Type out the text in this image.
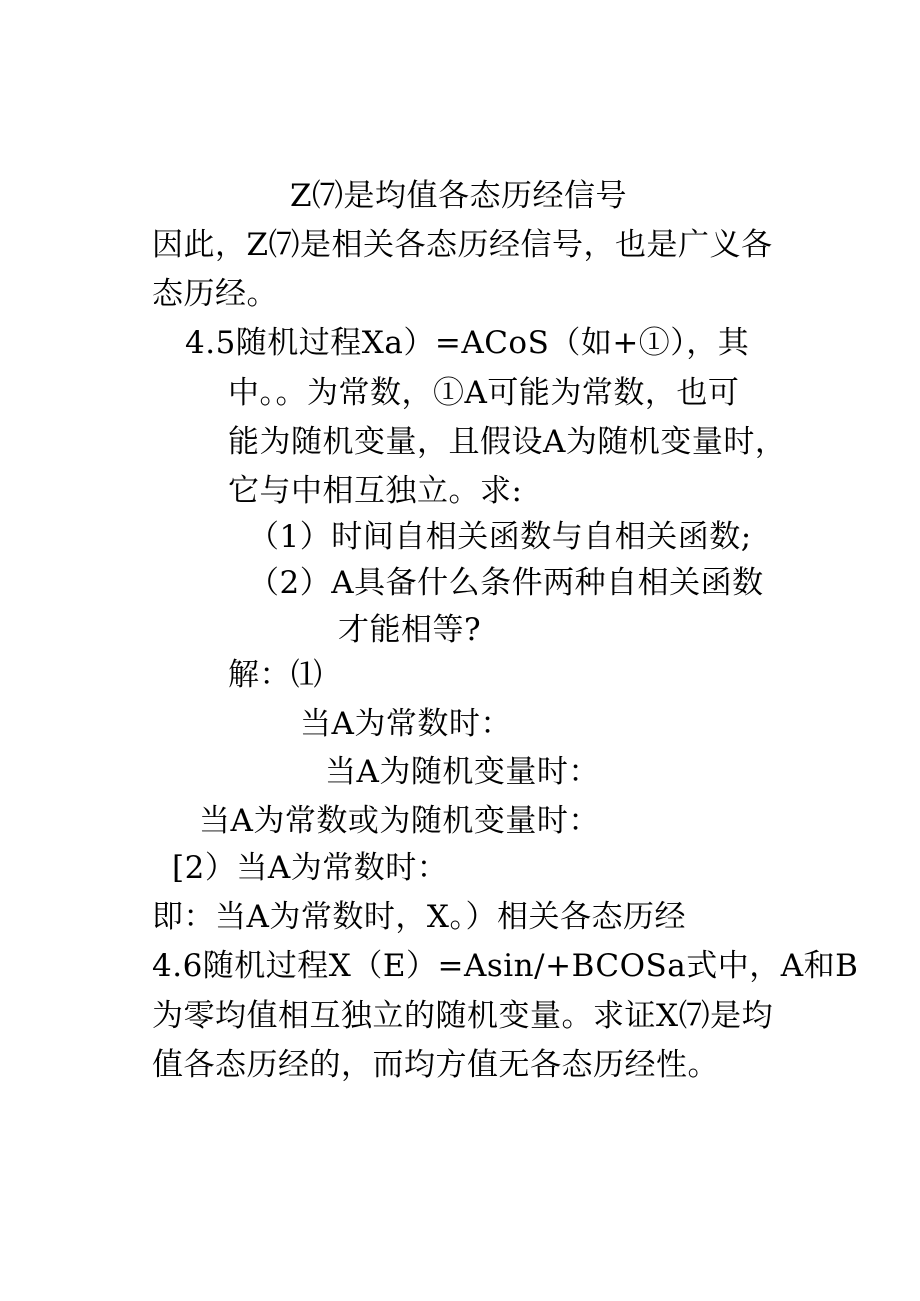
Z⑺是均值各态历经信号
因此，Z⑺是相关各态历经信号，也是广义各
态历经。
4.5随机过程Xa）=ACoS（如+①），其
中。。为常数，①A可能为常数，也可
能为随机变量，且假设A为随机变量时，
它与中相互独立。求:
（1）时间自相关函数与自相关函数;
（2）A具备什么条件两种自相关函数
才能相等?
解：⑴
当A为常数时：
当A为随机变量时：
当A为常数或为随机变量时：
[2）当A为常数时：
即：当A为常数时，X。）相关各态历经
4.6随机过程X（E）=Asin/+BCOSa式中，A和B
为零均值相互独立的随机变量。求证X⑺是均
值各态历经的，而均方值无各态历经性。
